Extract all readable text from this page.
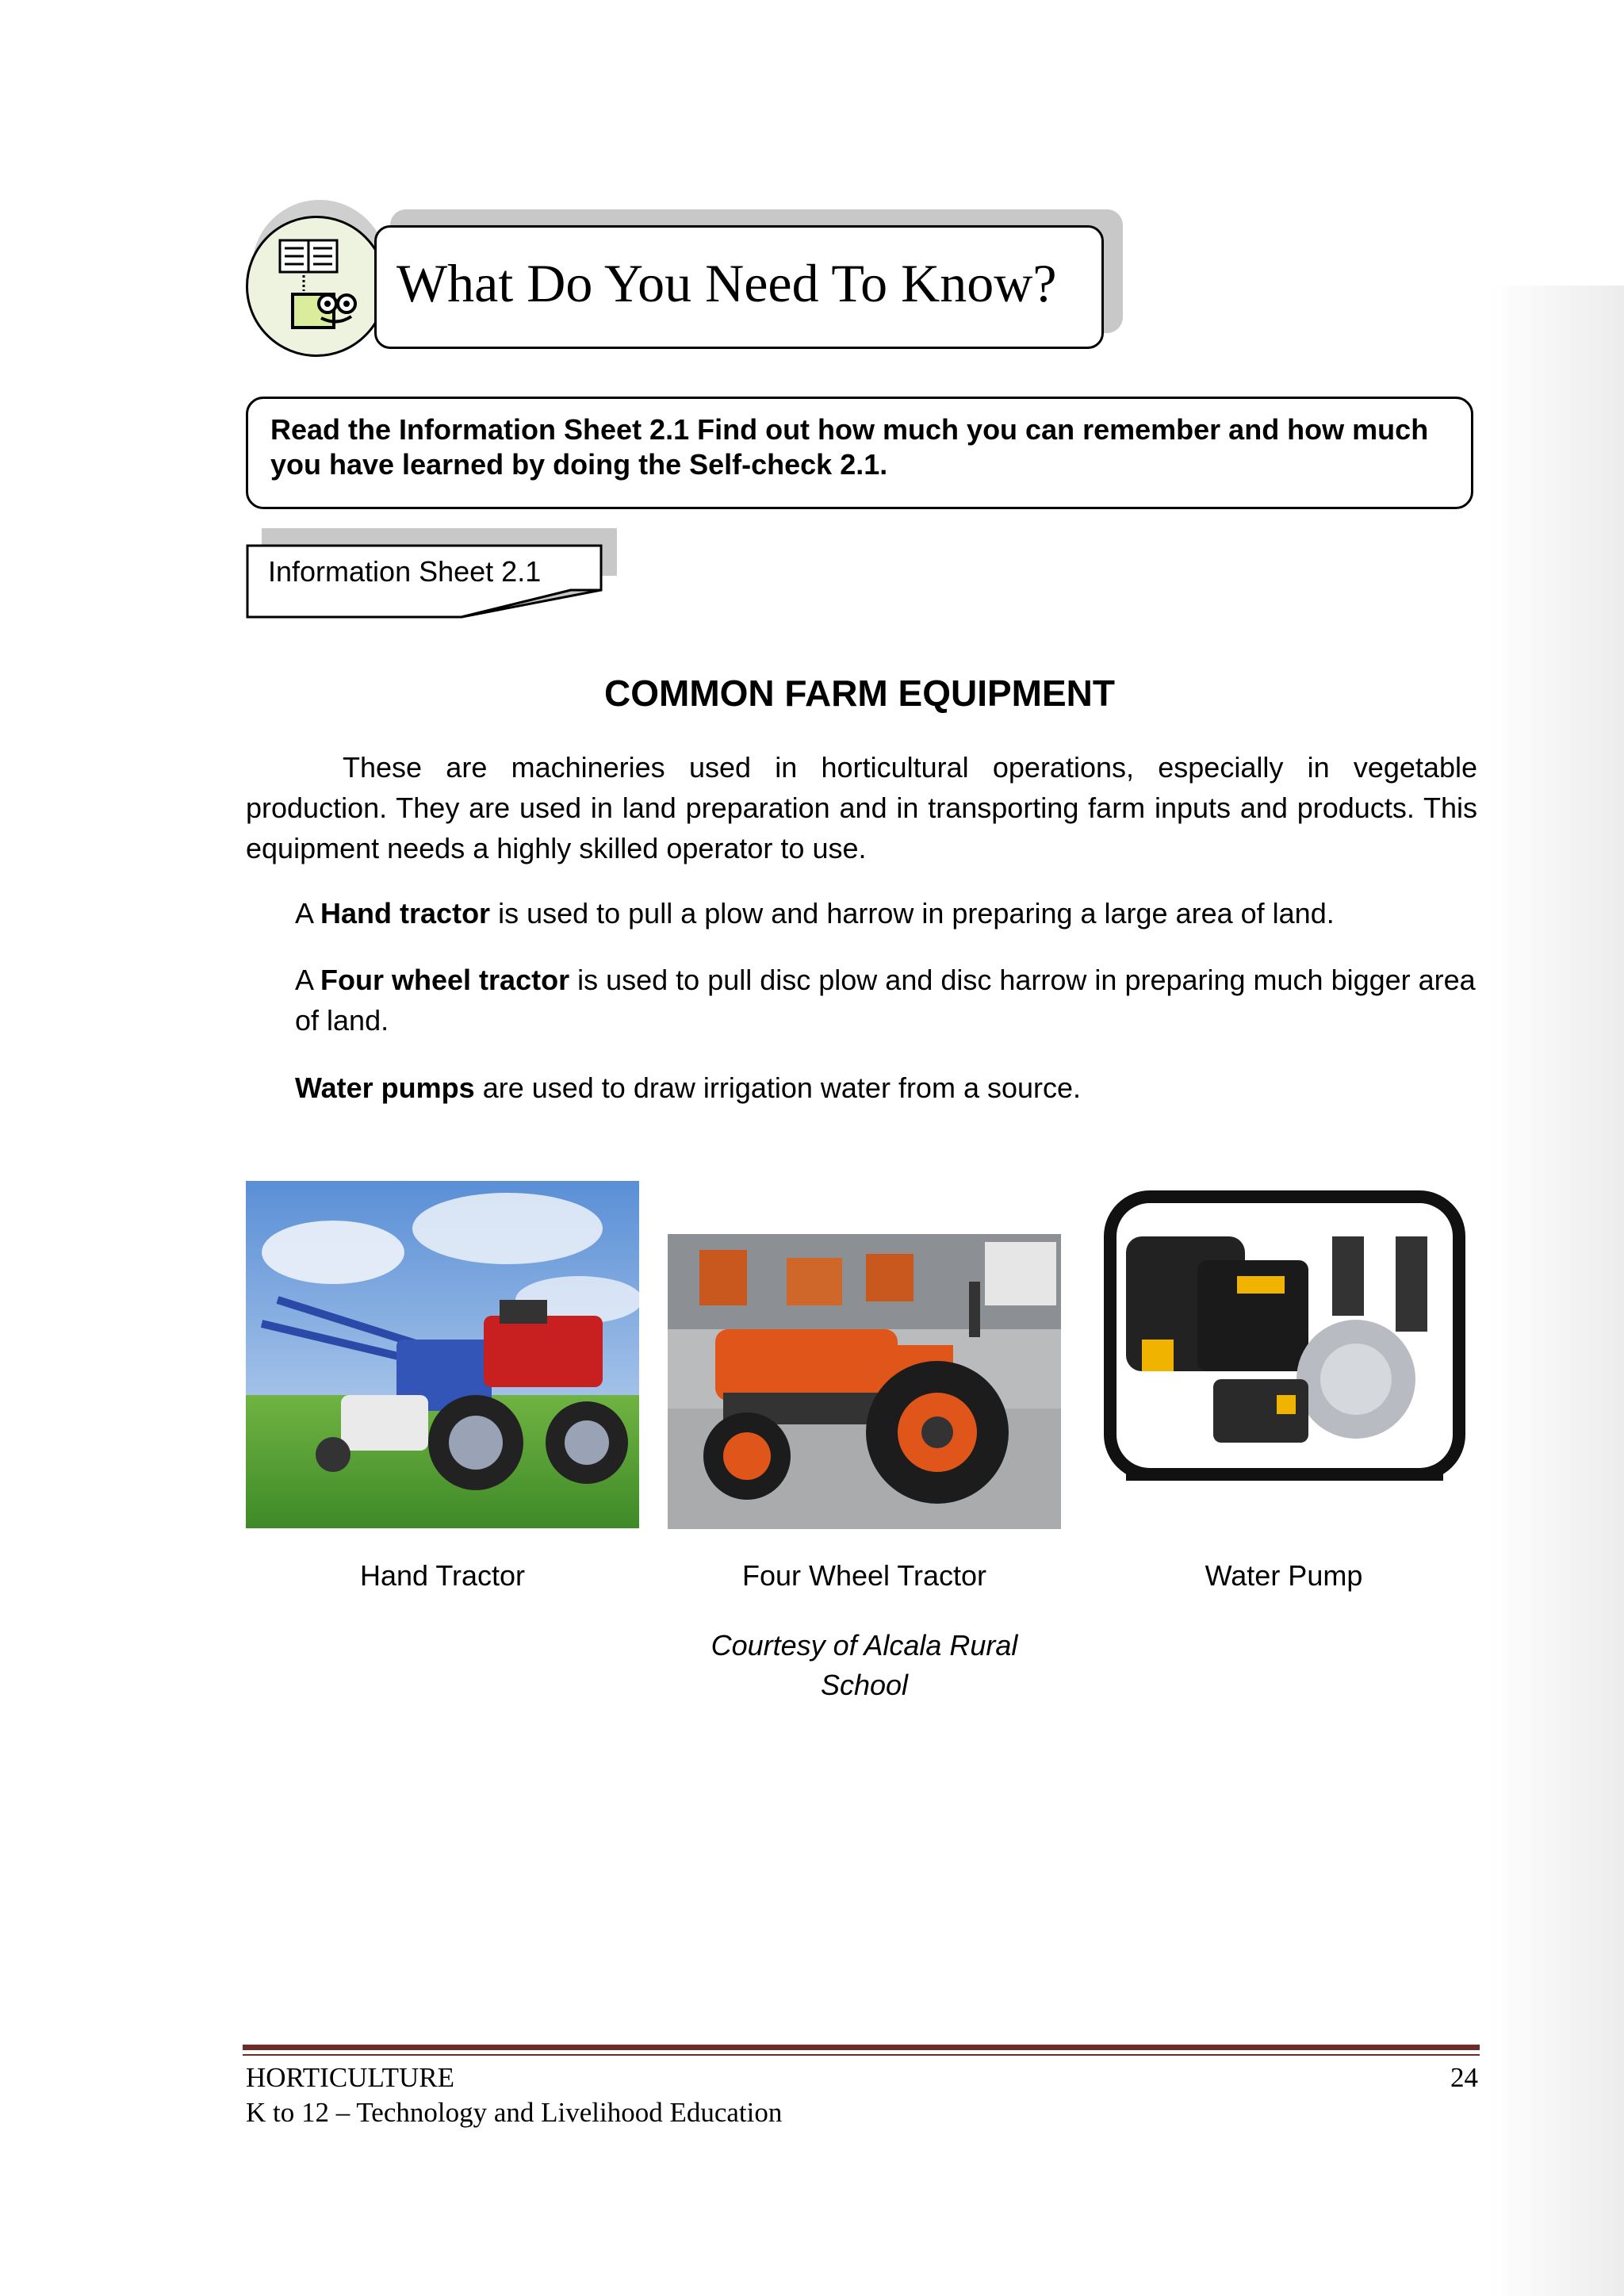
What Do You Need To Know?
Read the Information Sheet 2.1 Find out how much you can remember and how much you have learned by doing the Self-check 2.1.
Information Sheet 2.1
COMMON FARM EQUIPMENT
These are machineries used in horticultural operations, especially in vegetable production. They are used in land preparation and in transporting farm inputs and products. This equipment needs a highly skilled operator to use.
A Hand tractor is used to pull a plow and harrow in preparing a large area of land.
A Four wheel tractor is used to pull disc plow and disc harrow in preparing much bigger area of land.
Water pumps are used to draw irrigation water from a source.
Hand Tractor	Four Wheel Tractor	Water Pump
Courtesy of Alcala Rural School
HORTICULTURE
K to 12 – Technology and Livelihood Education
24
